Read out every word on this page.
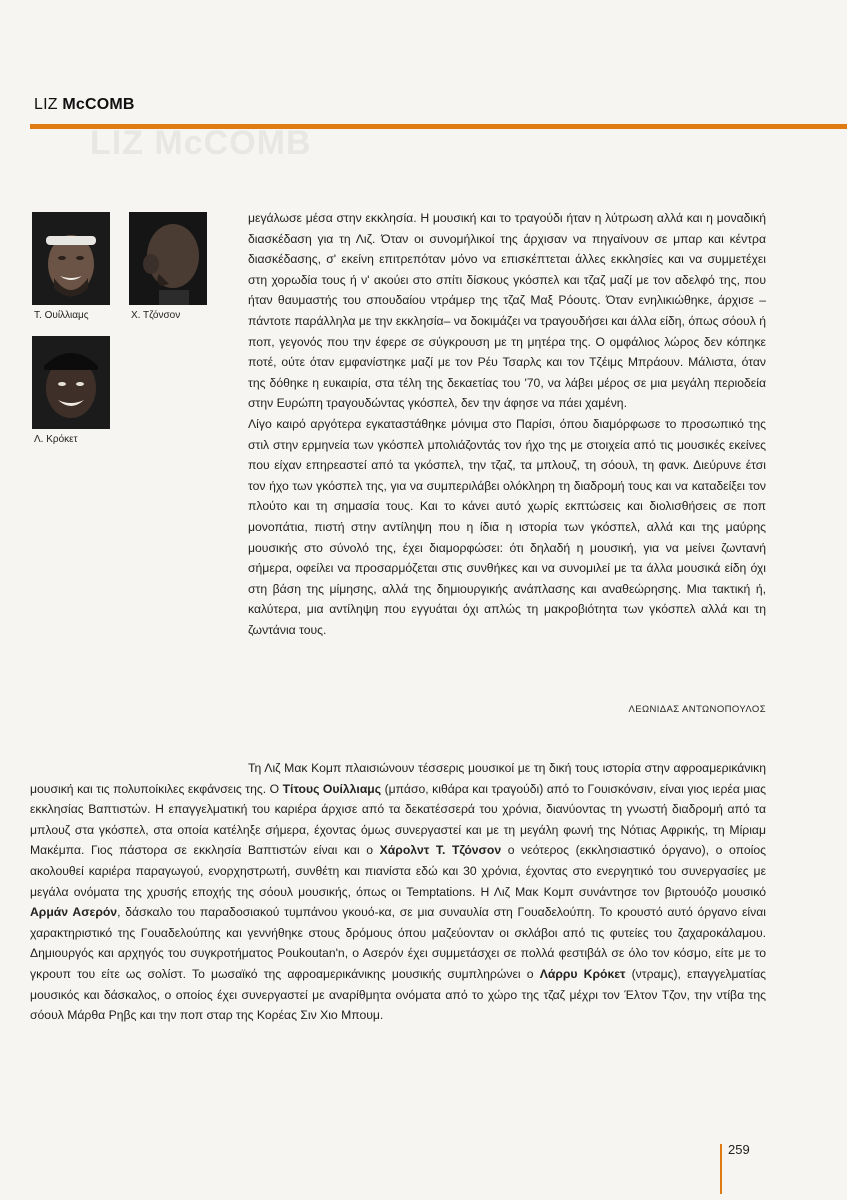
LIZ McCOMB
LIZ McCOMB
Τ. Ουίλλιαμς	Χ. Τζόνσον
Λ. Κρόκετ

μεγάλωσε μέσα στην εκκλησία. Η μουσική και το τραγούδι ήταν η λύτρωση αλλά και η μοναδική διασκέδαση για τη Λιζ. Όταν οι συνομήλικοί της άρχισαν να πηγαίνουν σε μπαρ και κέντρα διασκέδασης, σ' εκείνη επιτρεπόταν μόνο να επισκέπτεται άλλες εκκλησίες και να συμμετέχει στη χορωδία τους ή ν' ακούει στο σπίτι δίσκους γκόσπελ και τζαζ μαζί με τον αδελφό της, που ήταν θαυμαστής του σπουδαίου ντράμερ της τζαζ Μαξ Ρόουτς. Όταν ενηλικιώθηκε, άρχισε –πάντοτε παράλληλα με την εκκλησία– να δοκιμάζει να τραγουδήσει και άλλα είδη, όπως σόουλ ή ποπ, γεγονός που την έφερε σε σύγκρουση με τη μητέρα της. Ο ομφάλιος λώρος δεν κόπηκε ποτέ, ούτε όταν εμφανίστηκε μαζί με τον Ρέυ Τσαρλς και τον Τζέιμς Μπράουν. Μάλιστα, όταν της δόθηκε η ευκαιρία, στα τέλη της δεκαετίας του '70, να λάβει μέρος σε μια μεγάλη περιοδεία στην Ευρώπη τραγουδώντας γκόσπελ, δεν την άφησε να πάει χαμένη.

Λίγο καιρό αργότερα εγκαταστάθηκε μόνιμα στο Παρίσι, όπου διαμόρφωσε το προσωπικό της στιλ στην ερμηνεία των γκόσπελ μπολιάζοντάς τον ήχο της με στοιχεία από τις μουσικές εκείνες που είχαν επηρεαστεί από τα γκόσπελ, την τζαζ, τα μπλουζ, τη σόουλ, τη φανκ. Διεύρυνε έτσι τον ήχο των γκόσπελ της, για να συμπεριλάβει ολόκληρη τη διαδρομή τους και να καταδείξει τον πλούτο και τη σημασία τους. Και το κάνει αυτό χωρίς εκπτώσεις και διολισθήσεις σε ποπ μονοπάτια, πιστή στην αντίληψη που η ίδια η ιστορία των γκόσπελ, αλλά και της μαύρης μουσικής στο σύνολό της, έχει διαμορφώσει: ότι δηλαδή η μουσική, για να μείνει ζωντανή σήμερα, οφείλει να προσαρμόζεται στις συνθήκες και να συνομιλεί με τα άλλα μουσικά είδη όχι στη βάση της μίμησης, αλλά της δημιουργικής ανάπλασης και αναθεώρησης. Μια τακτική ή, καλύτερα, μια αντίληψη που εγγυάται όχι απλώς τη μακροβιότητα των γκόσπελ αλλά και τη ζωντάνια τους.

ΛΕΩΝΙΔΑΣ ΑΝΤΩΝΟΠΟΥΛΟΣ

Τη Λιζ Μακ Κομπ πλαισιώνουν τέσσερις μουσικοί με τη δική τους ιστορία στην αφροαμερικάνικη μουσική και τις πολυποίκιλες εκφάνσεις της. Ο Τίτους Ουίλλιαμς (μπάσο, κιθάρα και τραγούδι) από το Γουισκόνσιν, είναι γιος ιερέα μιας εκκλησίας Βαπτιστών. Η επαγγελματική του καριέρα άρχισε από τα δεκατέσσερά του χρόνια, διανύοντας τη γνωστή διαδρομή από τα μπλουζ στα γκόσπελ, στα οποία κατέληξε σήμερα, έχοντας όμως συνεργαστεί και με τη μεγάλη φωνή της Νότιας Αφρικής, τη Μίριαμ Μακέμπα. Γιος πάστορα σε εκκλησία Βαπτιστών είναι και ο Χάρολντ Τ. Τζόνσον ο νεότερος (εκκλησιαστικό όργανο), ο οποίος ακολουθεί καριέρα παραγωγού, ενορχηστρωτή, συνθέτη και πιανίστα εδώ και 30 χρόνια, έχοντας στο ενεργητικό του συνεργασίες με μεγάλα ονόματα της χρυσής εποχής της σόουλ μουσικής, όπως οι Temptations. Η Λιζ Μακ Κομπ συνάντησε τον βιρτουόζο μουσικό Αρμάν Ασερόν, δάσκαλο του παραδοσιακού τυμπάνου γκουό-κα, σε μια συναυλία στη Γουαδελούπη. Το κρουστό αυτό όργανο είναι χαρακτηριστικό της Γουαδελούπης και γεννήθηκε στους δρόμους όπου μαζεύονταν οι σκλάβοι από τις φυτείες του ζαχαροκάλαμου. Δημιουργός και αρχηγός του συγκροτήματος Poukoutan'n, ο Ασερόν έχει συμμετάσχει σε πολλά φεστιβάλ σε όλο τον κόσμο, είτε με το γκρουπ του είτε ως σολίστ. Το μωσαϊκό της αφροαμερικάνικης μουσικής συμπληρώνει ο Λάρρυ Κρόκετ (ντραμς), επαγγελματίας μουσικός και δάσκαλος, ο οποίος έχει συνεργαστεί με αναρίθμητα ονόματα από το χώρο της τζαζ μέχρι τον Έλτον Τζον, την ντίβα της σόουλ Μάρθα Ρηβς και την ποπ σταρ της Κορέας Σιν Χιο Μπουμ.

259
